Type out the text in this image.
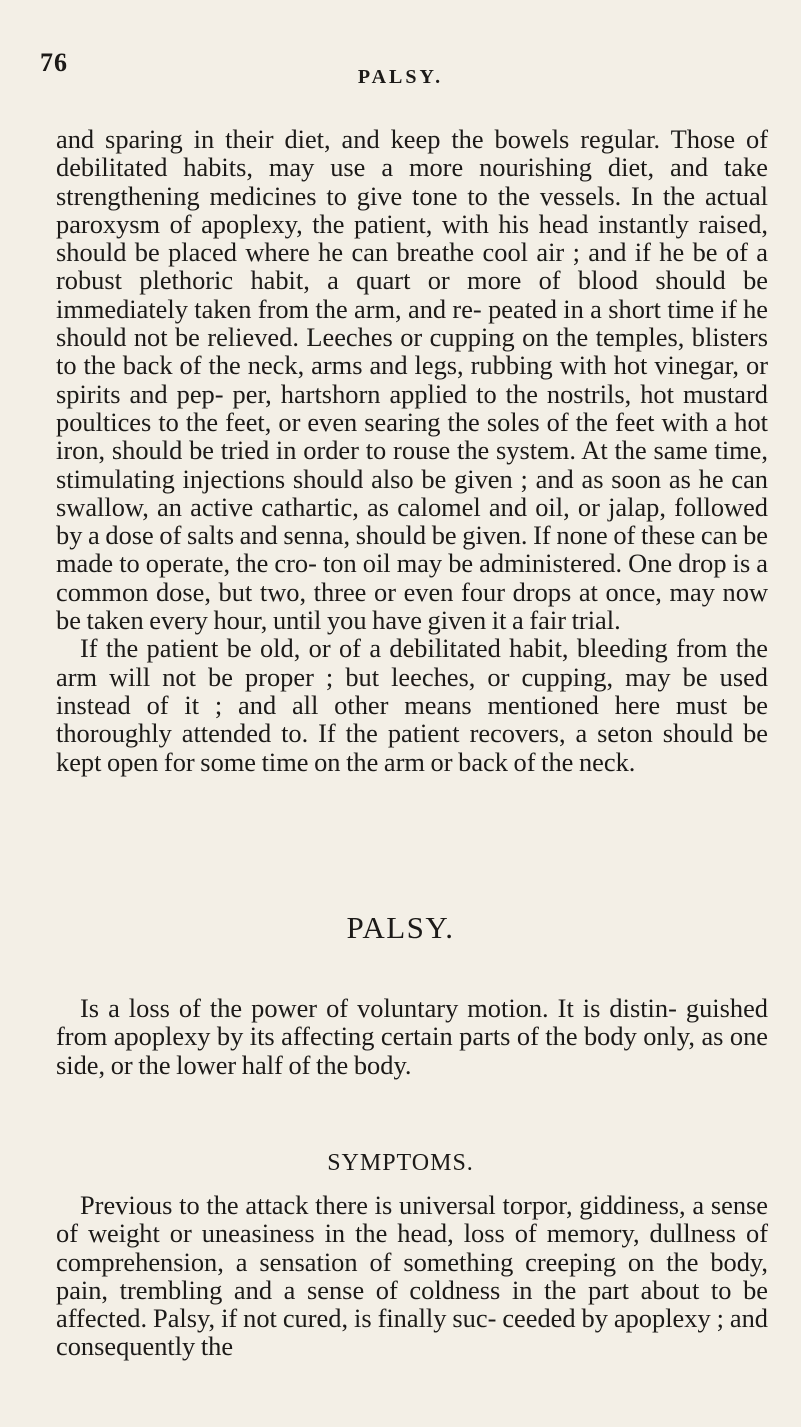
76	PALSY.

and sparing in their diet, and keep the bowels regular. Those of debilitated habits, may use a more nourishing diet, and take strengthening medicines to give tone to the vessels. In the actual paroxysm of apoplexy, the patient, with his head instantly raised, should be placed where he can breathe cool air ; and if he be of a robust plethoric habit, a quart or more of blood should be immediately taken from the arm, and re- peated in a short time if he should not be relieved. Leeches or cupping on the temples, blisters to the back of the neck, arms and legs, rubbing with hot vinegar, or spirits and pep- per, hartshorn applied to the nostrils, hot mustard poultices to the feet, or even searing the soles of the feet with a hot iron, should be tried in order to rouse the system. At the same time, stimulating injections should also be given ; and as soon as he can swallow, an active cathartic, as calomel and oil, or jalap, followed by a dose of salts and senna, should be given. If none of these can be made to operate, the cro- ton oil may be administered. One drop is a common dose, but two, three or even four drops at once, may now be taken every hour, until you have given it a fair trial.

If the patient be old, or of a debilitated habit, bleeding from the arm will not be proper ; but leeches, or cupping, may be used instead of it ; and all other means mentioned here must be thoroughly attended to. If the patient recovers, a seton should be kept open for some time on the arm or back of the neck.

PALSY.

Is a loss of the power of voluntary motion. It is distin- guished from apoplexy by its affecting certain parts of the body only, as one side, or the lower half of the body.

SYMPTOMS.

Previous to the attack there is universal torpor, giddiness, a sense of weight or uneasiness in the head, loss of memory, dullness of comprehension, a sensation of something creeping on the body, pain, trembling and a sense of coldness in the part about to be affected. Palsy, if not cured, is finally suc- ceeded by apoplexy ; and consequently the
